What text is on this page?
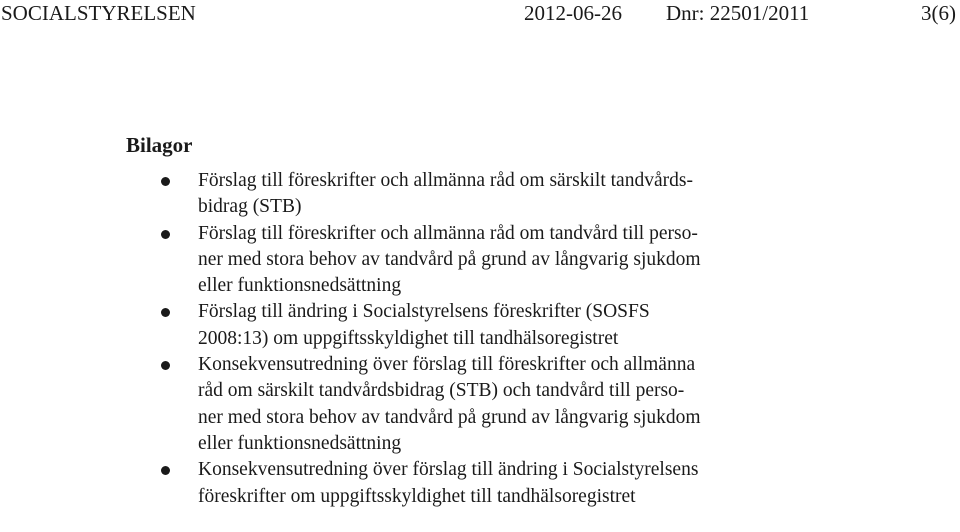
SOCIALSTYRELSEN	2012-06-26 Dnr: 22501/2011	3(6)
Bilagor
Förslag till föreskrifter och allmänna råd om särskilt tandvårds-
bidrag (STB)
Förslag till föreskrifter och allmänna råd om tandvård till perso-
ner med stora behov av tandvård på grund av långvarig sjukdom
eller funktionsnedsättning
Förslag till ändring i Socialstyrelsens föreskrifter (SOSFS
2008:13) om uppgiftsskyldighet till tandhälsoregistret
Konsekvensutredning över förslag till föreskrifter och allmänna
råd om särskilt tandvårdsbidrag (STB) och tandvård till perso-
ner med stora behov av tandvård på grund av långvarig sjukdom
eller funktionsnedsättning
Konsekvensutredning över förslag till ändring i Socialstyrelsens
föreskrifter om uppgiftsskyldighet till tandhälsoregistret
